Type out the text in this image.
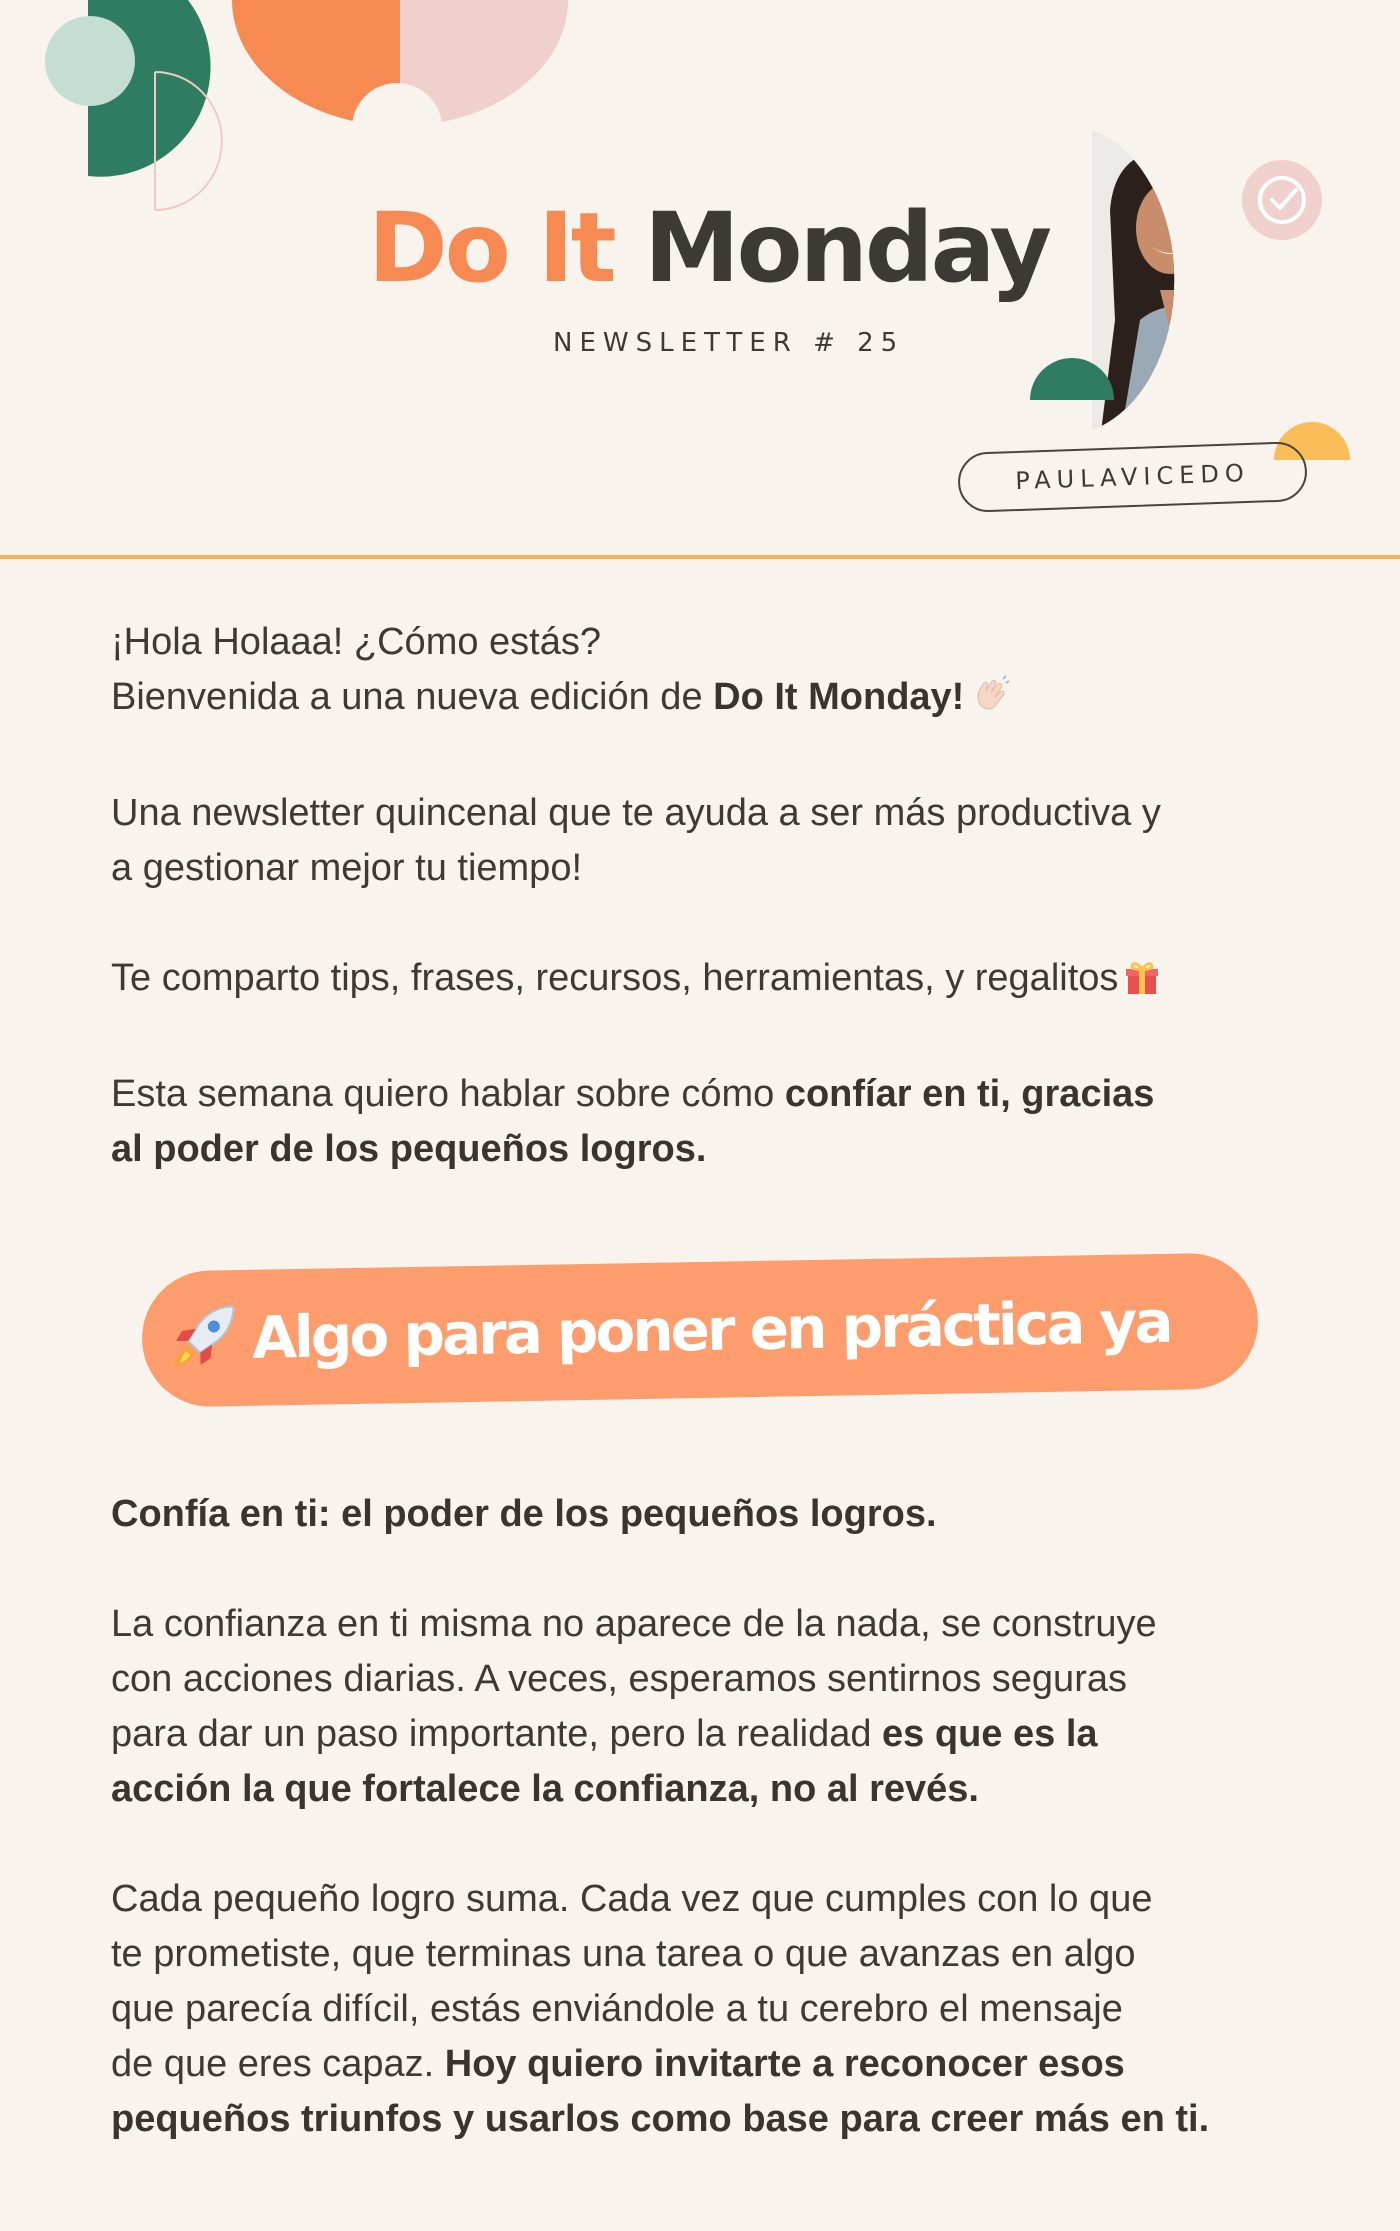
Do It Monday
NEWSLETTER # 25
PAULAVICEDO

¡Hola Holaaa! ¿Cómo estás?
Bienvenida a una nueva edición de Do It Monday!

Una newsletter quincenal que te ayuda a ser más productiva y
a gestionar mejor tu tiempo!

Te comparto tips, frases, recursos, herramientas, y regalitos

Esta semana quiero hablar sobre cómo confíar en ti, gracias
al poder de los pequeños logros.

Algo para poner en práctica ya

Confía en ti: el poder de los pequeños logros.

La confianza en ti misma no aparece de la nada, se construye
con acciones diarias. A veces, esperamos sentirnos seguras
para dar un paso importante, pero la realidad es que es la
acción la que fortalece la confianza, no al revés.

Cada pequeño logro suma. Cada vez que cumples con lo que
te prometiste, que terminas una tarea o que avanzas en algo
que parecía difícil, estás enviándole a tu cerebro el mensaje
de que eres capaz. Hoy quiero invitarte a reconocer esos
pequeños triunfos y usarlos como base para creer más en ti.
